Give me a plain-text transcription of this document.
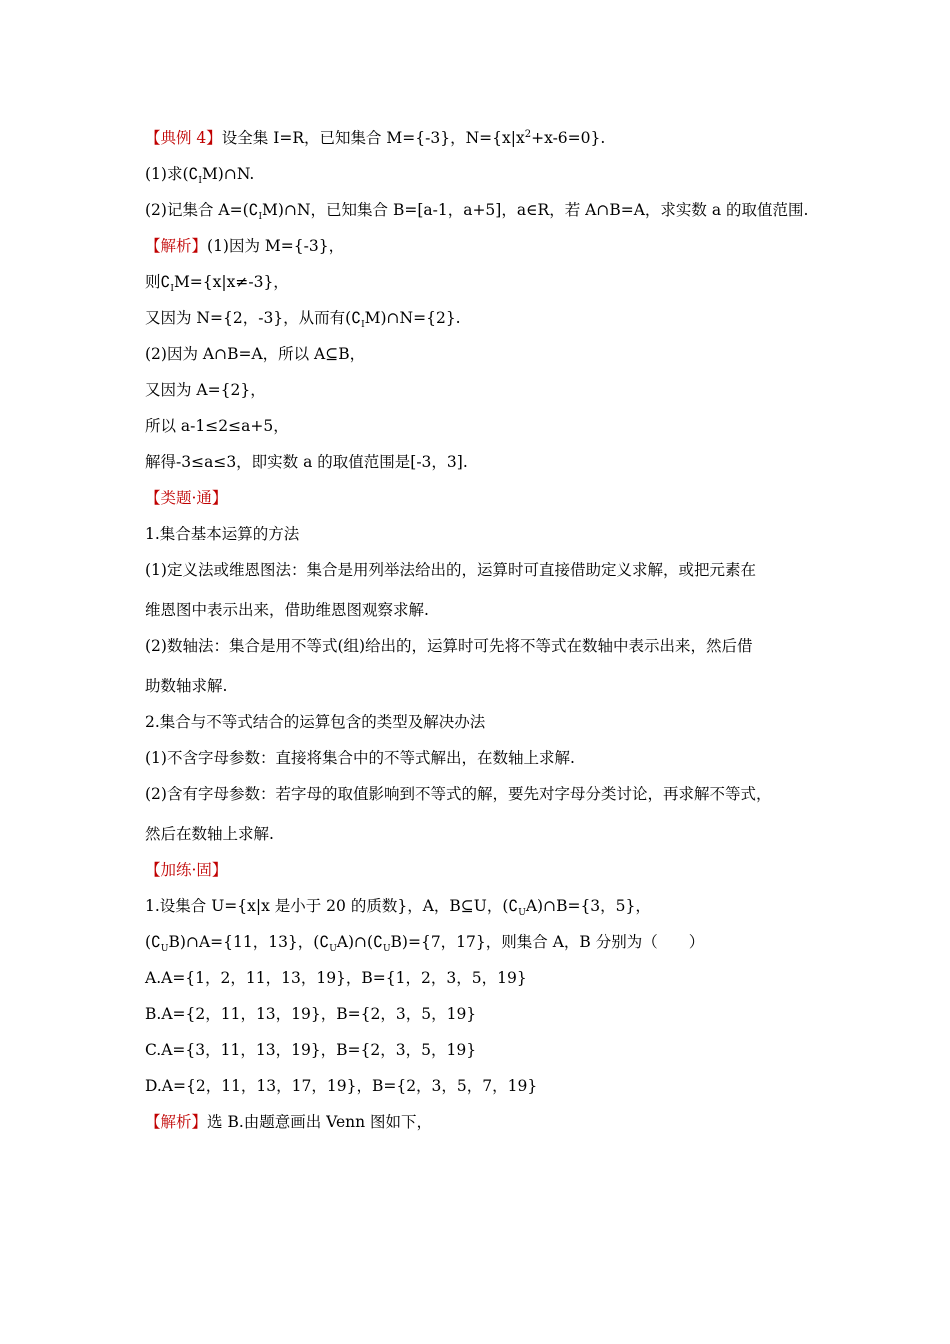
【典例 4】设全集 I=R，已知集合 M={-3}，$N=\{x|x^2+x-6=0\}$.
(1)求$(∁_IM)\cap N$.
(2)记集合 $A=(∁_IM)\cap N$，已知集合 B=[a-1，a+5]，a∈R，若 A∩B=A，求实数 a 的取值范围.
【解析】(1)因为 M={-3}，
则$∁_IM=\{x|x\ne-3\}$，
又因为 N={2，-3}，从而有$(∁_IM)\cap N=\{2\}$.
(2)因为 A∩B=A，所以 A⊆B，
又因为 A={2}，
所以 a-1≤2≤a+5，
解得-3≤a≤3，即实数 a 的取值范围是[-3，3].
【类题·通】
1.集合基本运算的方法
(1)定义法或维恩图法：集合是用列举法给出的，运算时可直接借助定义求解，或把元素在
维恩图中表示出来，借助维恩图观察求解.
(2)数轴法：集合是用不等式(组)给出的，运算时可先将不等式在数轴中表示出来，然后借
助数轴求解.
2.集合与不等式结合的运算包含的类型及解决办法
(1)不含字母参数：直接将集合中的不等式解出，在数轴上求解.
(2)含有字母参数：若字母的取值影响到不等式的解，要先对字母分类讨论，再求解不等式，
然后在数轴上求解.
【加练·固】
1.设集合 U={x|x 是小于 20 的质数}，A，B⊆U，$(∁_UA)\cap B=\{3$，5}，
$(∁_UB)\cap A=\{11$，13}，$(∁_UA)\cap(∁_UB)=\{7$，17}，则集合 A，B 分别为（　　）
A.A={1，2，11，13，19}，B={1，2，3，5，19}
B.A={2，11，13，19}，B={2，3，5，19}
C.A={3，11，13，19}，B={2，3，5，19}
D.A={2，11，13，17，19}，B={2，3，5，7，19}
【解析】选 B.由题意画出 Venn 图如下，
